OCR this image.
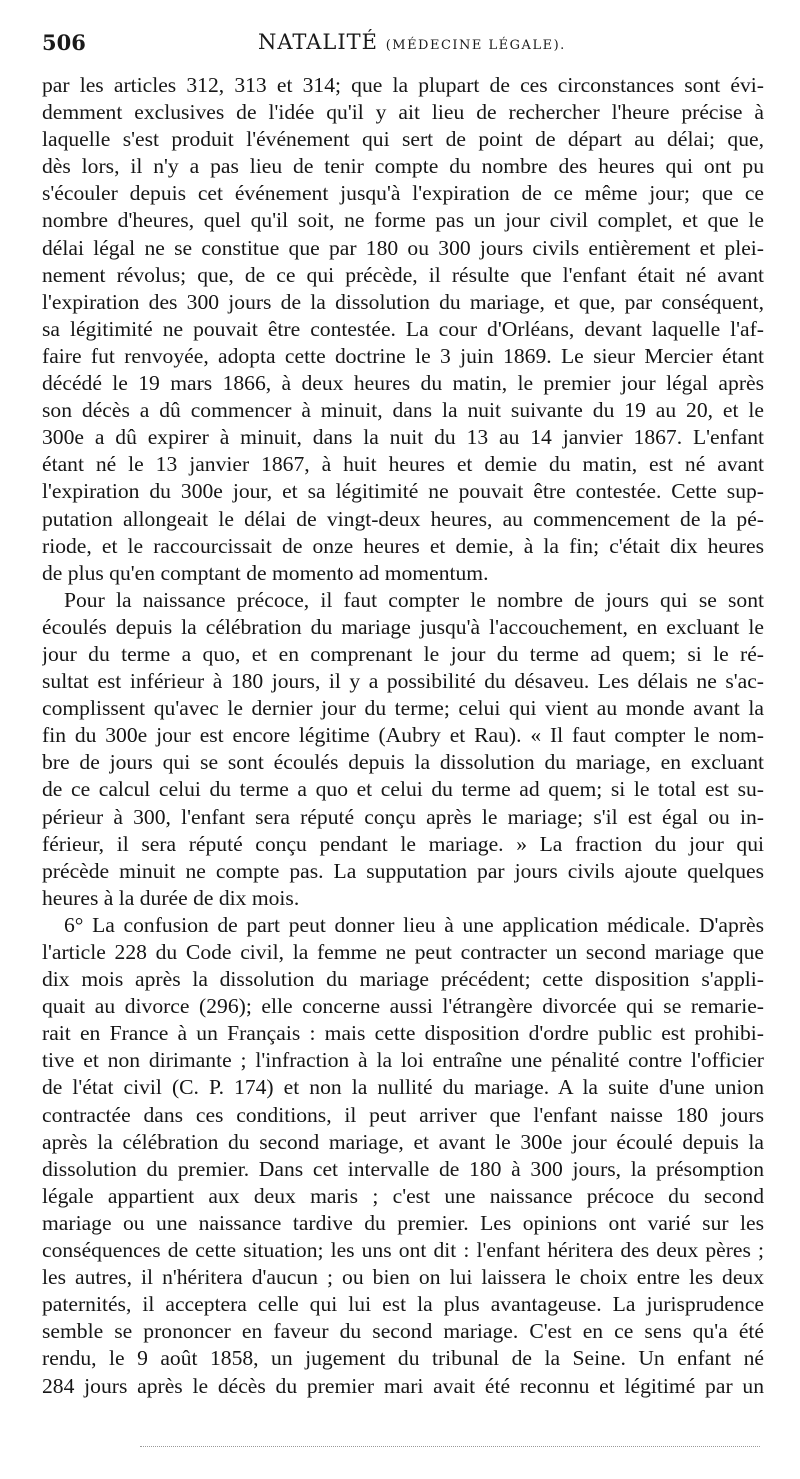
506	NATALITÉ (MÉDECINE LÉGALE).
par les articles 312, 313 et 314; que la plupart de ces circonstances sont évi-
demment exclusives de l'idée qu'il y ait lieu de rechercher l'heure précise à
laquelle s'est produit l'événement qui sert de point de départ au délai; que,
dès lors, il n'y a pas lieu de tenir compte du nombre des heures qui ont pu
s'écouler depuis cet événement jusqu'à l'expiration de ce même jour; que ce
nombre d'heures, quel qu'il soit, ne forme pas un jour civil complet, et que le
délai légal ne se constitue que par 180 ou 300 jours civils entièrement et plei-
nement révolus; que, de ce qui précède, il résulte que l'enfant était né avant
l'expiration des 300 jours de la dissolution du mariage, et que, par conséquent,
sa légitimité ne pouvait être contestée. La cour d'Orléans, devant laquelle l'af-
faire fut renvoyée, adopta cette doctrine le 3 juin 1869. Le sieur Mercier étant
décédé le 19 mars 1866, à deux heures du matin, le premier jour légal après
son décès a dû commencer à minuit, dans la nuit suivante du 19 au 20, et le
300e a dû expirer à minuit, dans la nuit du 13 au 14 janvier 1867. L'enfant
étant né le 13 janvier 1867, à huit heures et demie du matin, est né avant
l'expiration du 300e jour, et sa légitimité ne pouvait être contestée. Cette sup-
putation allongeait le délai de vingt-deux heures, au commencement de la pé-
riode, et le raccourcissait de onze heures et demie, à la fin; c'était dix heures
de plus qu'en comptant de momento ad momentum.
Pour la naissance précoce, il faut compter le nombre de jours qui se sont
écoulés depuis la célébration du mariage jusqu'à l'accouchement, en excluant le
jour du terme a quo, et en comprenant le jour du terme ad quem; si le ré-
sultat est inférieur à 180 jours, il y a possibilité du désaveu. Les délais ne s'ac-
complissent qu'avec le dernier jour du terme; celui qui vient au monde avant la
fin du 300e jour est encore légitime (Aubry et Rau). « Il faut compter le nom-
bre de jours qui se sont écoulés depuis la dissolution du mariage, en excluant
de ce calcul celui du terme a quo et celui du terme ad quem; si le total est su-
périeur à 300, l'enfant sera réputé conçu après le mariage; s'il est égal ou in-
férieur, il sera réputé conçu pendant le mariage. » La fraction du jour qui
précède minuit ne compte pas. La supputation par jours civils ajoute quelques
heures à la durée de dix mois.
6° La confusion de part peut donner lieu à une application médicale. D'après
l'article 228 du Code civil, la femme ne peut contracter un second mariage que
dix mois après la dissolution du mariage précédent; cette disposition s'appli-
quait au divorce (296); elle concerne aussi l'étrangère divorcée qui se remarie-
rait en France à un Français : mais cette disposition d'ordre public est prohibi-
tive et non dirimante ; l'infraction à la loi entraîne une pénalité contre l'officier
de l'état civil (C. P. 174) et non la nullité du mariage. A la suite d'une union
contractée dans ces conditions, il peut arriver que l'enfant naisse 180 jours
après la célébration du second mariage, et avant le 300e jour écoulé depuis la
dissolution du premier. Dans cet intervalle de 180 à 300 jours, la présomption
légale appartient aux deux maris ; c'est une naissance précoce du second
mariage ou une naissance tardive du premier. Les opinions ont varié sur les
conséquences de cette situation; les uns ont dit : l'enfant héritera des deux pères ;
les autres, il n'héritera d'aucun ; ou bien on lui laissera le choix entre les deux
paternités, il acceptera celle qui lui est la plus avantageuse. La jurisprudence
semble se prononcer en faveur du second mariage. C'est en ce sens qu'a été
rendu, le 9 août 1858, un jugement du tribunal de la Seine. Un enfant né
284 jours après le décès du premier mari avait été reconnu et légitimé par un
